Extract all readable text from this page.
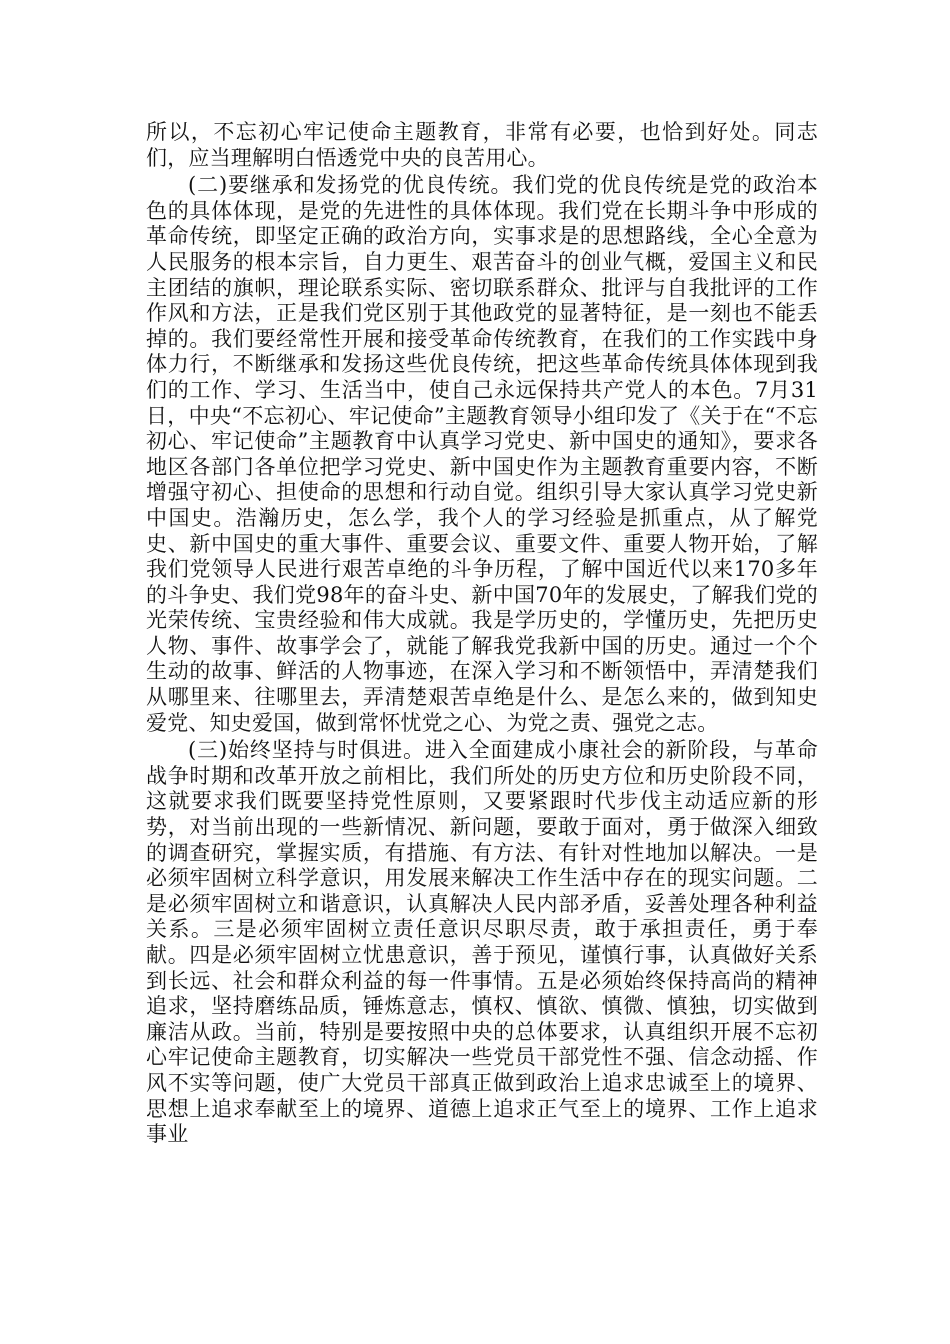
所以，不忘初心牢记使命主题教育，非常有必要，也恰到好处。同志们，应当理解明白悟透党中央的良苦用心。

(二)要继承和发扬党的优良传统。我们党的优良传统是党的政治本色的具体体现，是党的先进性的具体体现。我们党在长期斗争中形成的革命传统，即坚定正确的政治方向，实事求是的思想路线，全心全意为人民服务的根本宗旨，自力更生、艰苦奋斗的创业气概，爱国主义和民主团结的旗帜，理论联系实际、密切联系群众、批评与自我批评的工作作风和方法，正是我们党区别于其他政党的显著特征，是一刻也不能丢掉的。我们要经常性开展和接受革命传统教育，在我们的工作实践中身体力行，不断继承和发扬这些优良传统，把这些革命传统具体体现到我们的工作、学习、生活当中，使自己永远保持共产党人的本色。7月31日，中央“不忘初心、牢记使命”主题教育领导小组印发了《关于在“不忘初心、牢记使命”主题教育中认真学习党史、新中国史的通知》，要求各地区各部门各单位把学习党史、新中国史作为主题教育重要内容，不断增强守初心、担使命的思想和行动自觉。组织引导大家认真学习党史新中国史。浩瀚历史，怎么学，我个人的学习经验是抓重点，从了解党史、新中国史的重大事件、重要会议、重要文件、重要人物开始，了解我们党领导人民进行艰苦卓绝的斗争历程，了解中国近代以来170多年的斗争史、我们党98年的奋斗史、新中国70年的发展史，了解我们党的光荣传统、宝贵经验和伟大成就。我是学历史的，学懂历史，先把历史人物、事件、故事学会了，就能了解我党我新中国的历史。通过一个个生动的故事、鲜活的人物事迹，在深入学习和不断领悟中，弄清楚我们从哪里来、往哪里去，弄清楚艰苦卓绝是什么、是怎么来的，做到知史爱党、知史爱国，做到常怀忧党之心、为党之责、强党之志。

(三)始终坚持与时俱进。进入全面建成小康社会的新阶段，与革命战争时期和改革开放之前相比，我们所处的历史方位和历史阶段不同，这就要求我们既要坚持党性原则，又要紧跟时代步伐主动适应新的形势，对当前出现的一些新情况、新问题，要敢于面对，勇于做深入细致的调查研究，掌握实质，有措施、有方法、有针对性地加以解决。一是必须牢固树立科学意识，用发展来解决工作生活中存在的现实问题。二是必须牢固树立和谐意识，认真解决人民内部矛盾，妥善处理各种利益关系。三是必须牢固树立责任意识尽职尽责，敢于承担责任，勇于奉献。四是必须牢固树立忧患意识，善于预见，谨慎行事，认真做好关系到长远、社会和群众利益的每一件事情。五是必须始终保持高尚的精神追求，坚持磨练品质，锤炼意志，慎权、慎欲、慎微、慎独，切实做到廉洁从政。当前，特别是要按照中央的总体要求，认真组织开展不忘初心牢记使命主题教育，切实解决一些党员干部党性不强、信念动摇、作风不实等问题，使广大党员干部真正做到政治上追求忠诚至上的境界、思想上追求奉献至上的境界、道德上追求正气至上的境界、工作上追求事业
